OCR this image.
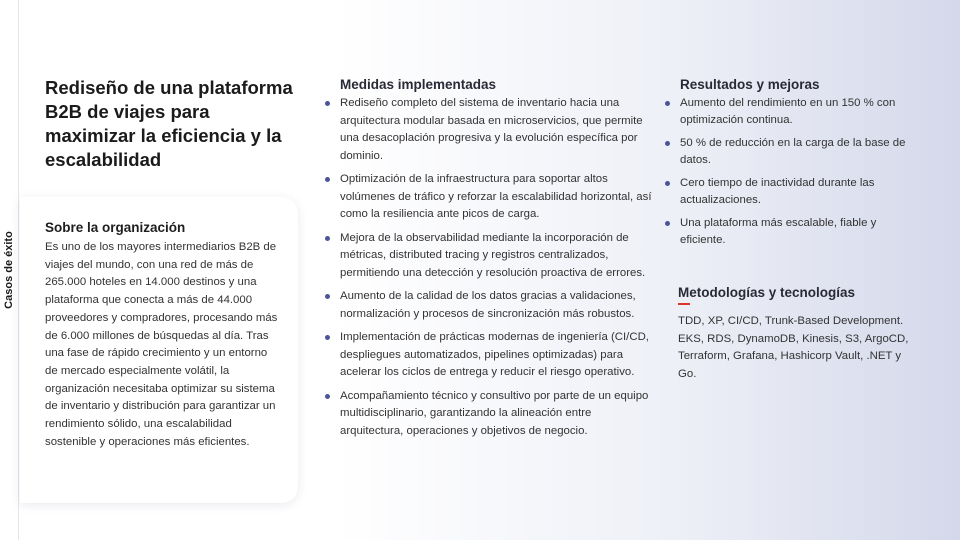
Casos de éxito
Rediseño de una plataforma B2B de viajes para maximizar la eficiencia y la escalabilidad
Sobre la organización

Es uno de los mayores intermediarios B2B de viajes del mundo, con una red de más de 265.000 hoteles en 14.000 destinos y una plataforma que conecta a más de 44.000 proveedores y compradores, procesando más de 6.000 millones de búsquedas al día. Tras una fase de rápido crecimiento y un entorno de mercado especialmente volátil, la organización necesitaba optimizar su sistema de inventario y distribución para garantizar un rendimiento sólido, una escalabilidad sostenible y operaciones más eficientes.

Medidas implementadas
Rediseño completo del sistema de inventario hacia una arquitectura modular basada en microservicios, que permite una desacoplación progresiva y la evolución específica por dominio.
Optimización de la infraestructura para soportar altos volúmenes de tráfico y reforzar la escalabilidad horizontal, así como la resiliencia ante picos de carga.
Mejora de la observabilidad mediante la incorporación de métricas, distributed tracing y registros centralizados, permitiendo una detección y resolución proactiva de errores.
Aumento de la calidad de los datos gracias a validaciones, normalización y procesos de sincronización más robustos.
Implementación de prácticas modernas de ingeniería (CI/CD, despliegues automatizados, pipelines optimizadas) para acelerar los ciclos de entrega y reducir el riesgo operativo.
Acompañamiento técnico y consultivo por parte de un equipo multidisciplinario, garantizando la alineación entre arquitectura, operaciones y objetivos de negocio.
Resultados y mejoras
Aumento del rendimiento en un 150 % con optimización continua.
50 % de reducción en la carga de la base de datos.
Cero tiempo de inactividad durante las actualizaciones.
Una plataforma más escalable, fiable y eficiente.
Metodologías y tecnologías

TDD, XP, CI/CD, Trunk-Based Development. EKS, RDS, DynamoDB, Kinesis, S3, ArgoCD, Terraform, Grafana, Hashicorp Vault, .NET y Go.
